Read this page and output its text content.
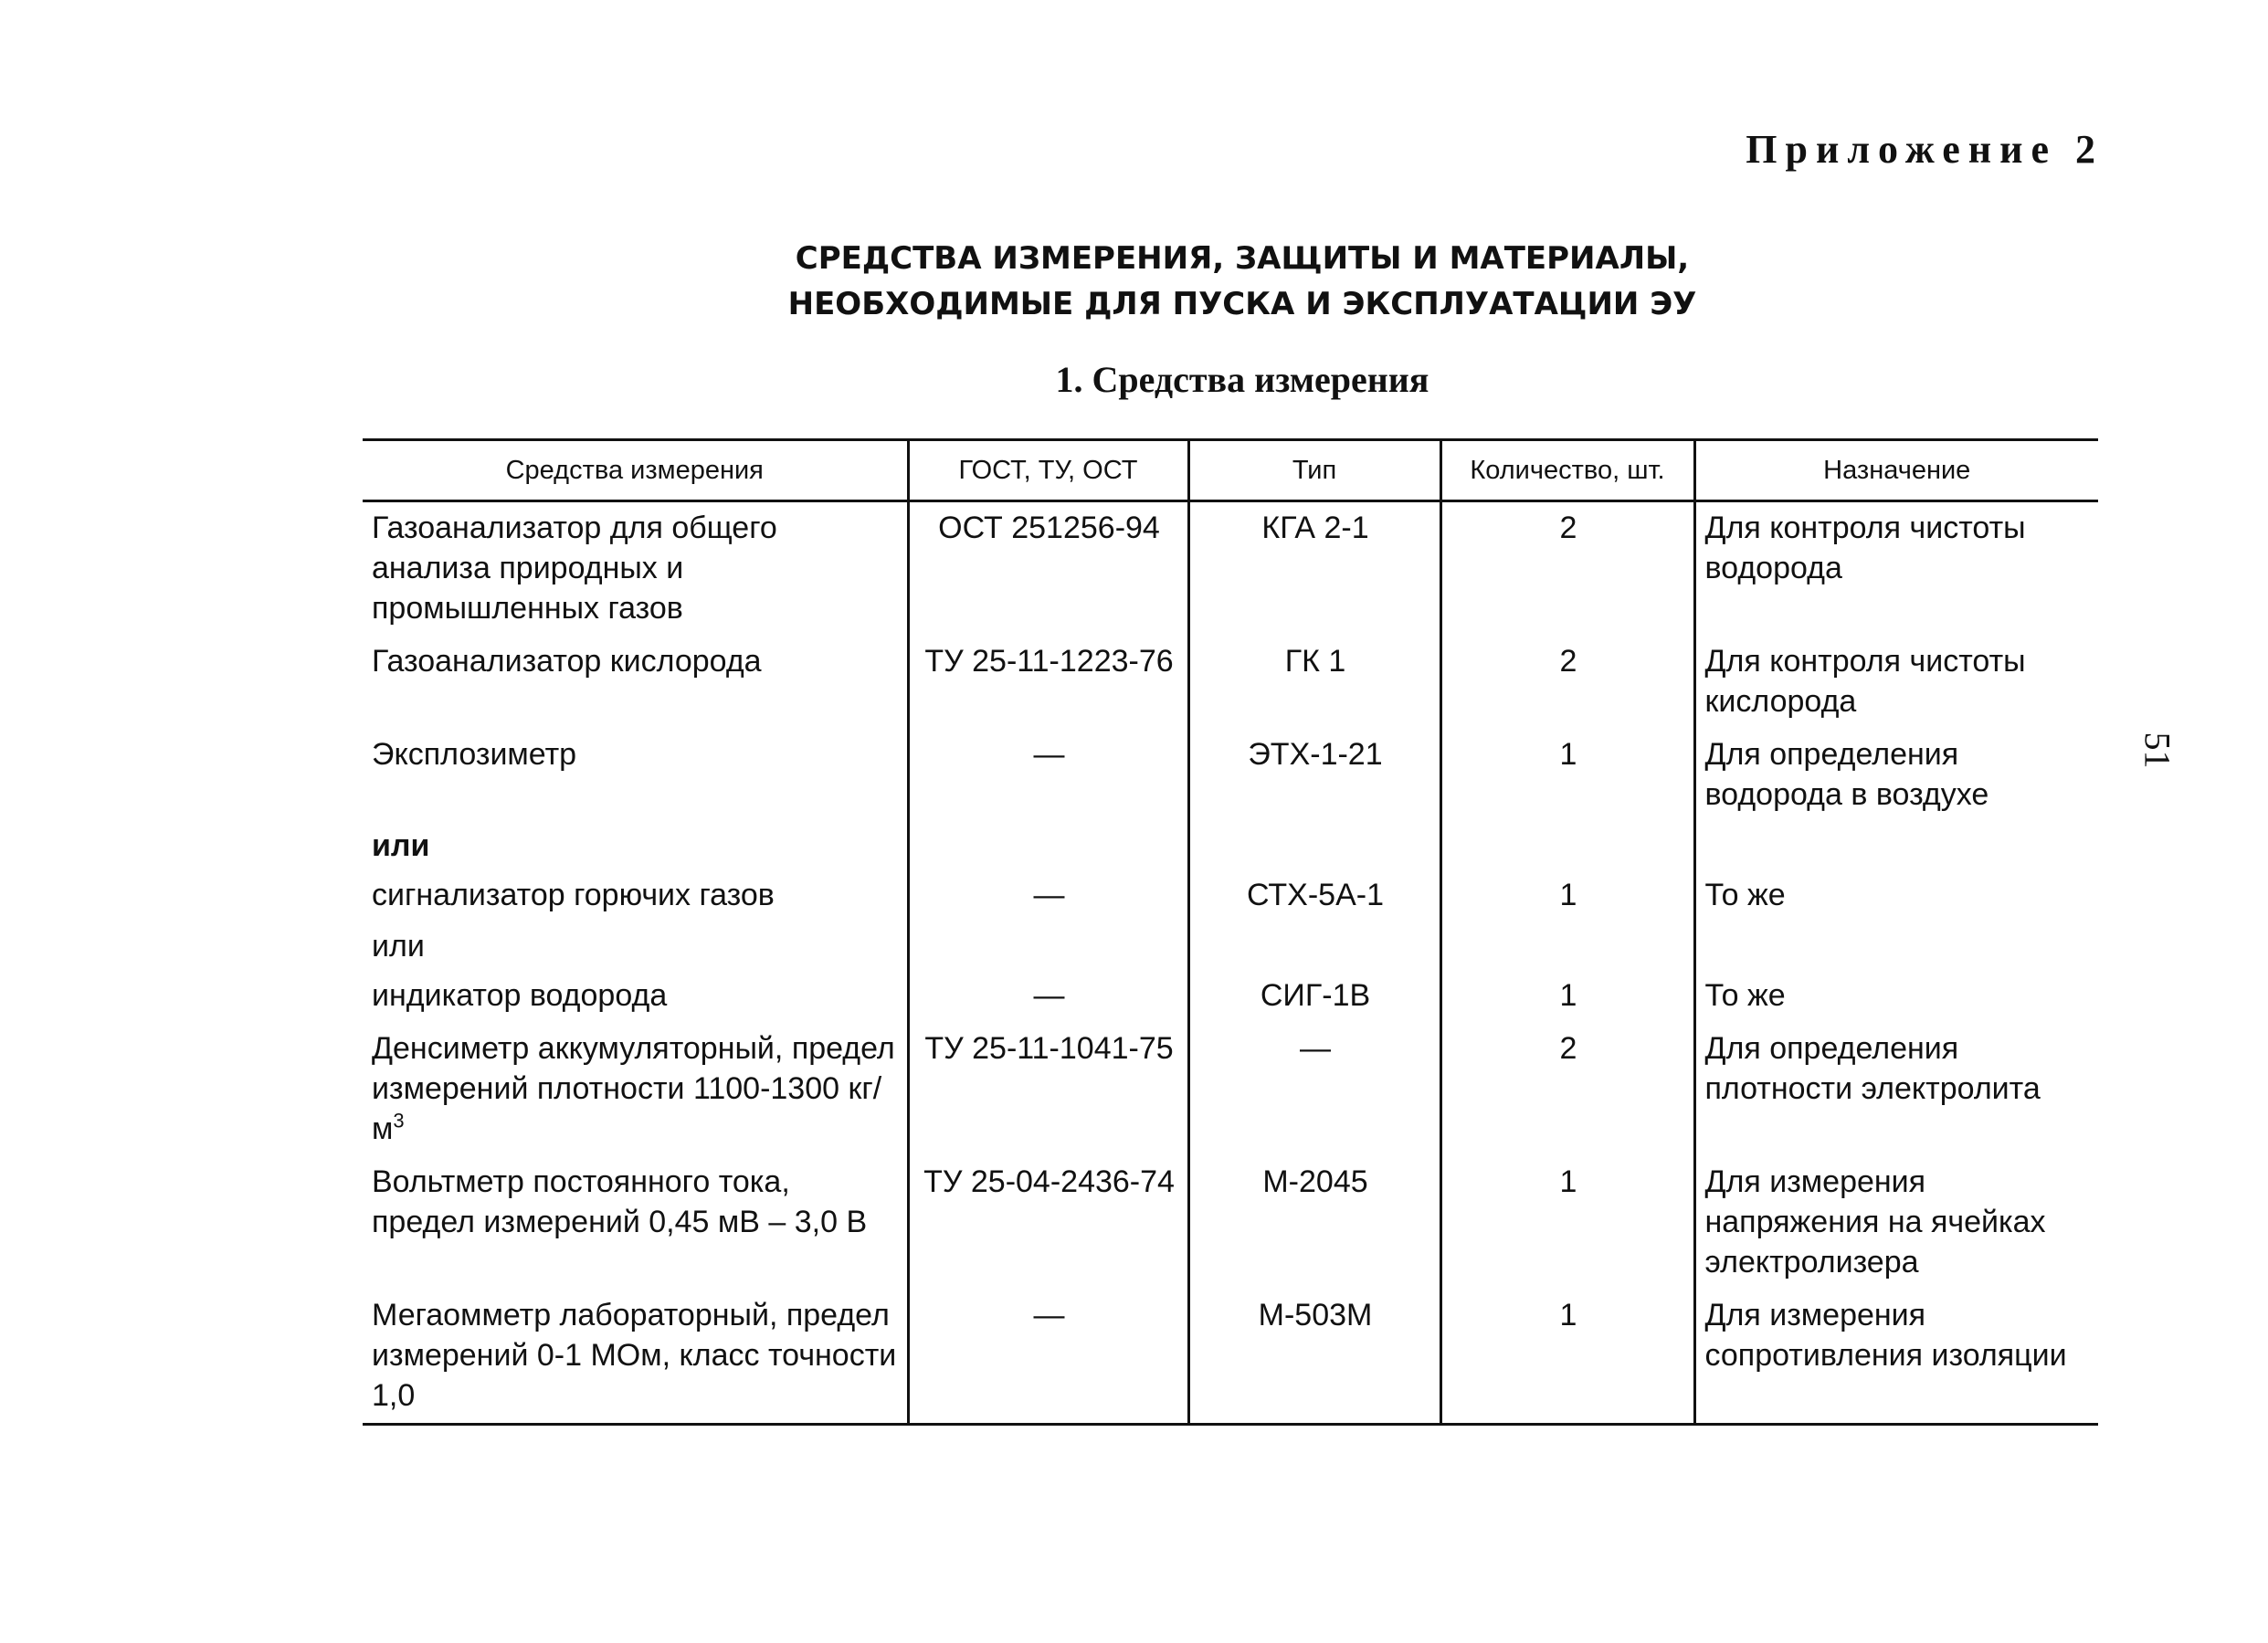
Приложение 2
СРЕДСТВА ИЗМЕРЕНИЯ, ЗАЩИТЫ И МАТЕРИАЛЫ,
НЕОБХОДИМЫЕ ДЛЯ ПУСКА И ЭКСПЛУАТАЦИИ ЭУ
1. Средства измерения
51
Средства измерения	ГОСТ, ТУ, ОСТ	Тип	Количество, шт.	Назначение
Газоанализатор для общего анализа природных и промышленных газов	ОСТ 251256-94	КГА 2-1	2	Для контроля чистоты водорода
Газоанализатор кислорода	ТУ 25-11-1223-76	ГК 1	2	Для контроля чистоты кислорода
Эксплозиметр	—	ЭТХ-1-21	1	Для определения водорода в воздухе
или				
сигнализатор горючих газов	—	СТХ-5А-1	1	То же
или				
индикатор водорода	—	СИГ-1В	1	То же
Денсиметр аккумуляторный, предел измерений плотности 1100-1300 $кг/м^3$	ТУ 25-11-1041-75	—	2	Для определения плотности электролита
Вольтметр постоянного тока, предел измерений 0,45 мВ – 3,0 В	ТУ 25-04-2436-74	М-2045	1	Для измерения напряжения на ячейках электролизера
Мегаомметр лабораторный, предел измерений 0-1 МОм, класс точности 1,0	—	М-503М	1	Для измерения сопротивления изоляции
